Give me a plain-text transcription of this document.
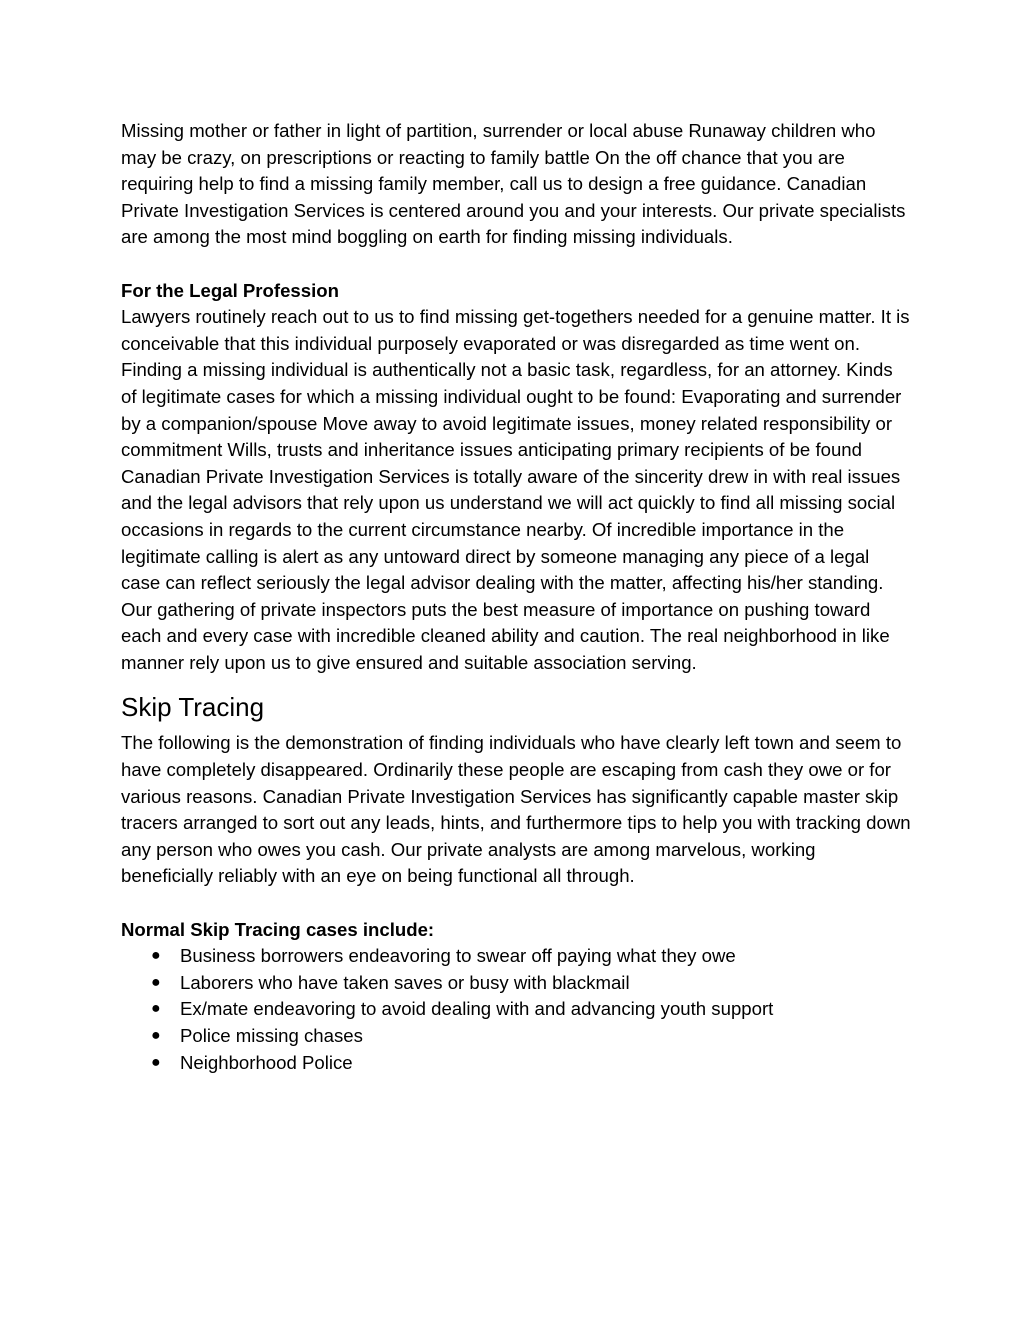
Missing mother or father in light of partition, surrender or local abuse Runaway children who may be crazy, on prescriptions or reacting to family battle On the off chance that you are requiring help to find a missing family member, call us to design a free guidance. Canadian Private Investigation Services is centered around you and your interests. Our private specialists are among the most mind boggling on earth for finding missing individuals.

For the Legal Profession

Lawyers routinely reach out to us to find missing get-togethers needed for a genuine matter. It is conceivable that this individual purposely evaporated or was disregarded as time went on. Finding a missing individual is authentically not a basic task, regardless, for an attorney. Kinds of legitimate cases for which a missing individual ought to be found: Evaporating and surrender by a companion/spouse Move away to avoid legitimate issues, money related responsibility or commitment Wills, trusts and inheritance issues anticipating primary recipients of be found Canadian Private Investigation Services is totally aware of the sincerity drew in with real issues and the legal advisors that rely upon us understand we will act quickly to find all missing social occasions in regards to the current circumstance nearby. Of incredible importance in the legitimate calling is alert as any untoward direct by someone managing any piece of a legal case can reflect seriously the legal advisor dealing with the matter, affecting his/her standing. Our gathering of private inspectors puts the best measure of importance on pushing toward each and every case with incredible cleaned ability and caution. The real neighborhood in like manner rely upon us to give ensured and suitable association serving.

Skip Tracing

The following is the demonstration of finding individuals who have clearly left town and seem to have completely disappeared. Ordinarily these people are escaping from cash they owe or for various reasons. Canadian Private Investigation Services has significantly capable master skip tracers arranged to sort out any leads, hints, and furthermore tips to help you with tracking down any person who owes you cash. Our private analysts are among marvelous, working beneficially reliably with an eye on being functional all through.

Normal Skip Tracing cases include:

● Business borrowers endeavoring to swear off paying what they owe
● Laborers who have taken saves or busy with blackmail
● Ex/mate endeavoring to avoid dealing with and advancing youth support
● Police missing chases
● Neighborhood Police
